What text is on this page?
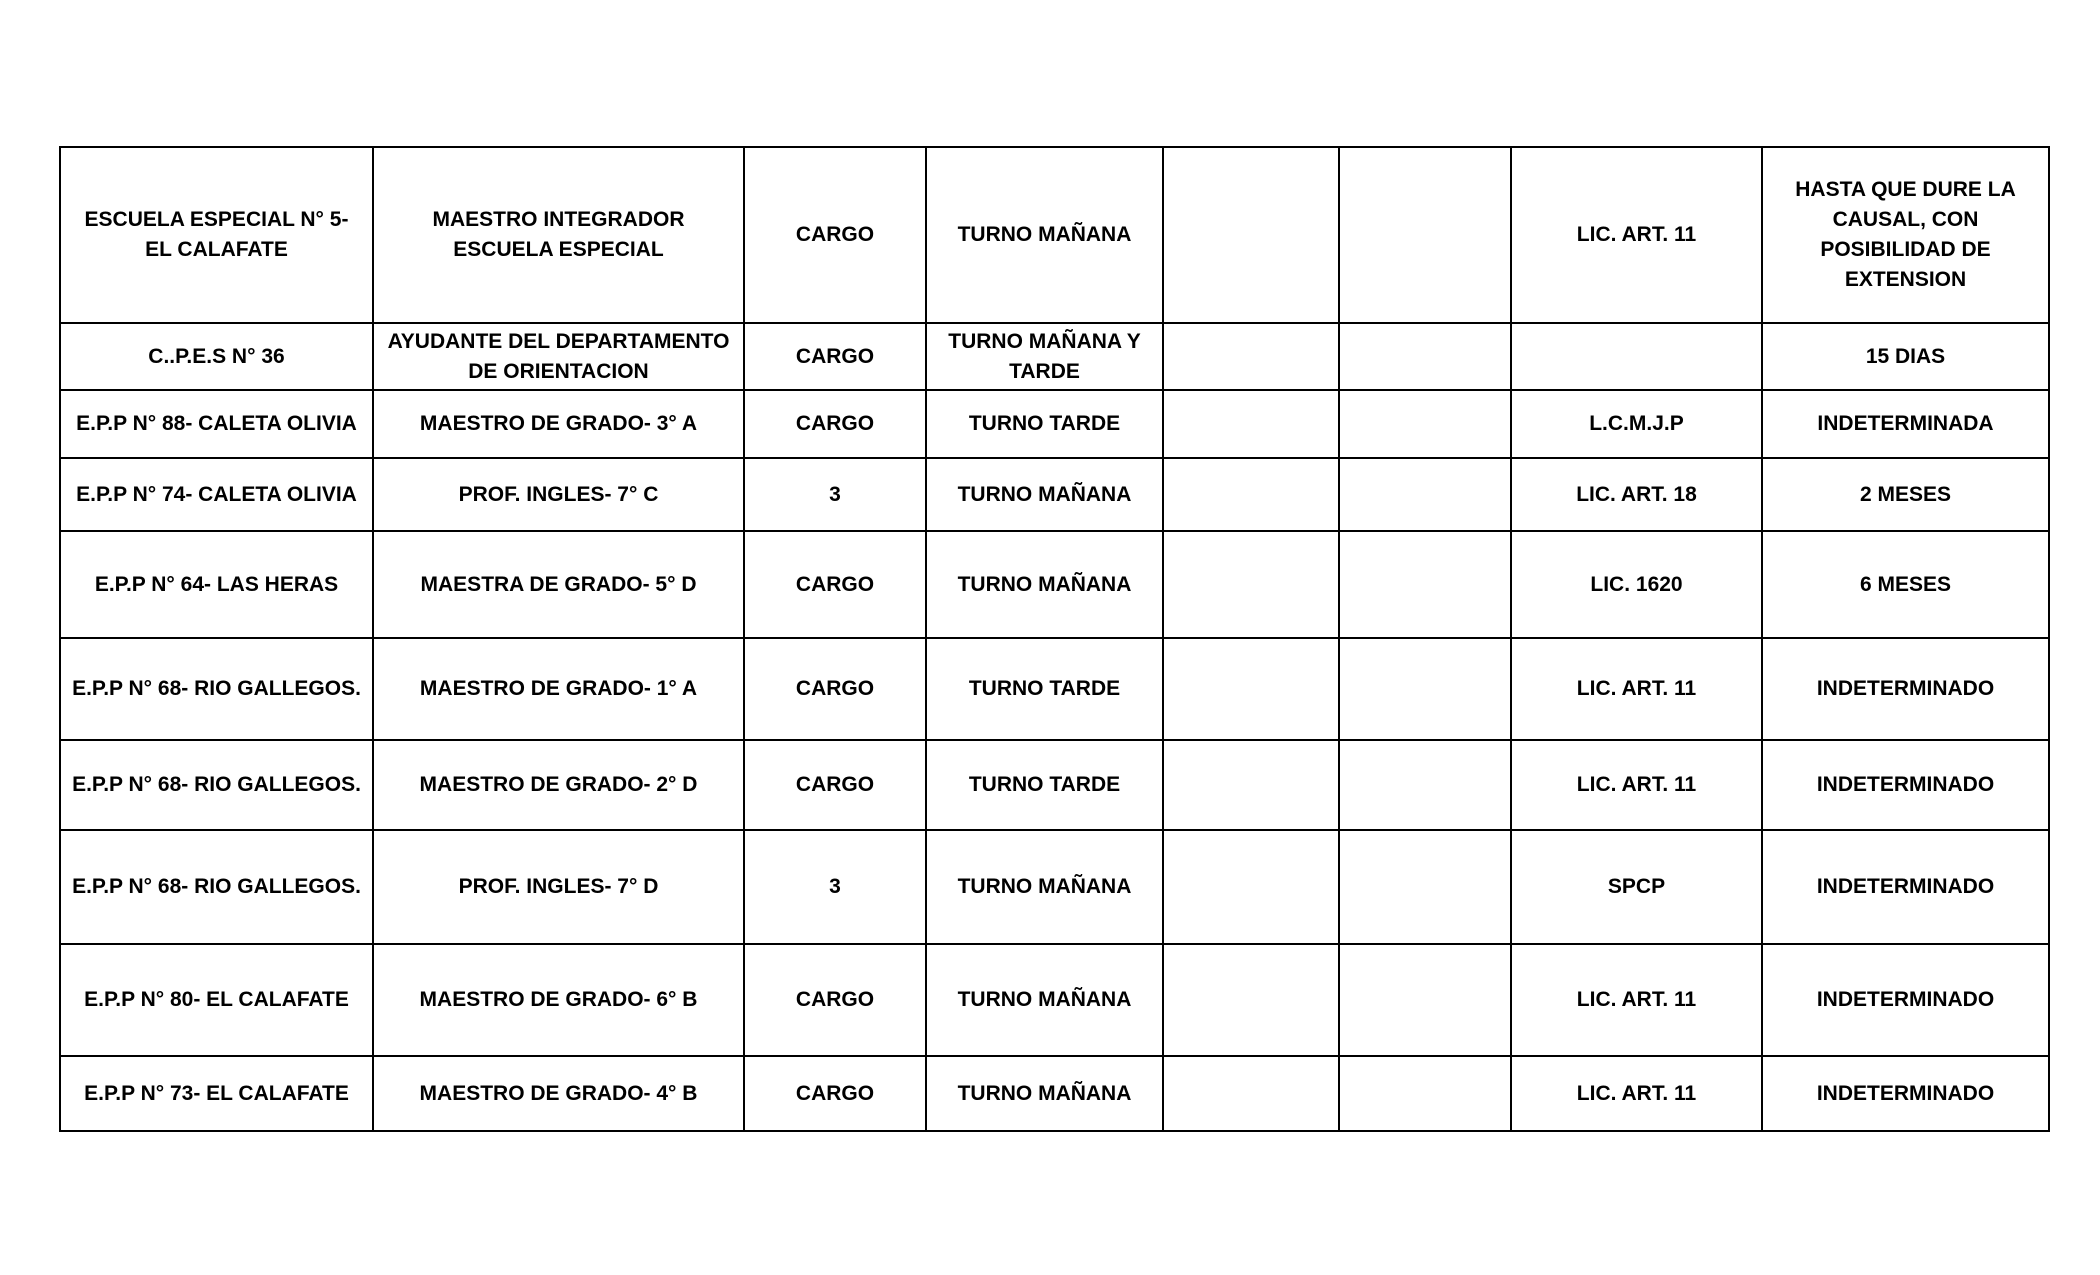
ESCUELA ESPECIAL N° 5- EL CALAFATE	MAESTRO INTEGRADOR ESCUELA ESPECIAL	CARGO	TURNO MAÑANA			LIC. ART. 11	HASTA QUE DURE LA CAUSAL, CON POSIBILIDAD DE EXTENSION
C..P.E.S N° 36	AYUDANTE DEL DEPARTAMENTO DE ORIENTACION	CARGO	TURNO MAÑANA Y TARDE				15 DIAS
E.P.P N° 88- CALETA OLIVIA	MAESTRO DE GRADO- 3° A	CARGO	TURNO TARDE			L.C.M.J.P	INDETERMINADA
E.P.P N° 74- CALETA OLIVIA	PROF. INGLES- 7° C	3	TURNO MAÑANA			LIC. ART. 18	2 MESES
E.P.P N° 64- LAS HERAS	MAESTRA DE GRADO- 5° D	CARGO	TURNO MAÑANA			LIC. 1620	6 MESES
E.P.P N° 68- RIO GALLEGOS.	MAESTRO DE GRADO- 1° A	CARGO	TURNO TARDE			LIC. ART. 11	INDETERMINADO
E.P.P N° 68- RIO GALLEGOS.	MAESTRO DE GRADO- 2° D	CARGO	TURNO TARDE			LIC. ART. 11	INDETERMINADO
E.P.P N° 68- RIO GALLEGOS.	PROF. INGLES- 7° D	3	TURNO MAÑANA			SPCP	INDETERMINADO
E.P.P N° 80- EL CALAFATE	MAESTRO DE GRADO- 6° B	CARGO	TURNO MAÑANA			LIC. ART. 11	INDETERMINADO
E.P.P N° 73- EL CALAFATE	MAESTRO DE GRADO- 4° B	CARGO	TURNO MAÑANA			LIC. ART. 11	INDETERMINADO
